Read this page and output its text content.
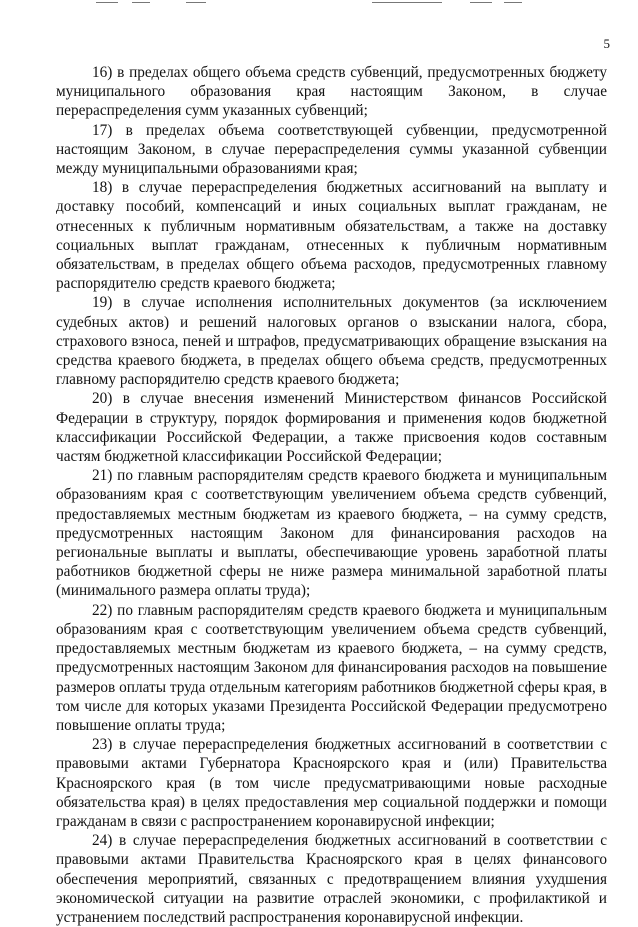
5

16) в пределах общего объема средств субвенций, предусмотренных бюджету муниципального образования края настоящим Законом, в случае перераспределения сумм указанных субвенций;

17) в пределах объема соответствующей субвенции, предусмотренной настоящим Законом, в случае перераспределения суммы указанной субвенции между муниципальными образованиями края;

18) в случае перераспределения бюджетных ассигнований на выплату и доставку пособий, компенсаций и иных социальных выплат гражданам, не отнесенных к публичным нормативным обязательствам, а также на доставку социальных выплат гражданам, отнесенных к публичным нормативным обязательствам, в пределах общего объема расходов, предусмотренных главному распорядителю средств краевого бюджета;

19) в случае исполнения исполнительных документов (за исключением судебных актов) и решений налоговых органов о взыскании налога, сбора, страхового взноса, пеней и штрафов, предусматривающих обращение взыскания на средства краевого бюджета, в пределах общего объема средств, предусмотренных главному распорядителю средств краевого бюджета;

20) в случае внесения изменений Министерством финансов Российской Федерации в структуру, порядок формирования и применения кодов бюджетной классификации Российской Федерации, а также присвоения кодов составным частям бюджетной классификации Российской Федерации;

21) по главным распорядителям средств краевого бюджета и муниципальным образованиям края с соответствующим увеличением объема средств субвенций, предоставляемых местным бюджетам из краевого бюджета, – на сумму средств, предусмотренных настоящим Законом для финансирования расходов на региональные выплаты и выплаты, обеспечивающие уровень заработной платы работников бюджетной сферы не ниже размера минимальной заработной платы (минимального размера оплаты труда);

22) по главным распорядителям средств краевого бюджета и муниципальным образованиям края с соответствующим увеличением объема средств субвенций, предоставляемых местным бюджетам из краевого бюджета, – на сумму средств, предусмотренных настоящим Законом для финансирования расходов на повышение размеров оплаты труда отдельным категориям работников бюджетной сферы края, в том числе для которых указами Президента Российской Федерации предусмотрено повышение оплаты труда;

23) в случае перераспределения бюджетных ассигнований в соответствии с правовыми актами Губернатора Красноярского края и (или) Правительства Красноярского края (в том числе предусматривающими новые расходные обязательства края) в целях предоставления мер социальной поддержки и помощи гражданам в связи с распространением коронавирусной инфекции;

24) в случае перераспределения бюджетных ассигнований в соответствии с правовыми актами Правительства Красноярского края в целях финансового обеспечения мероприятий, связанных с предотвращением влияния ухудшения экономической ситуации на развитие отраслей экономики, с профилактикой и устранением последствий распространения коронавирусной инфекции.
